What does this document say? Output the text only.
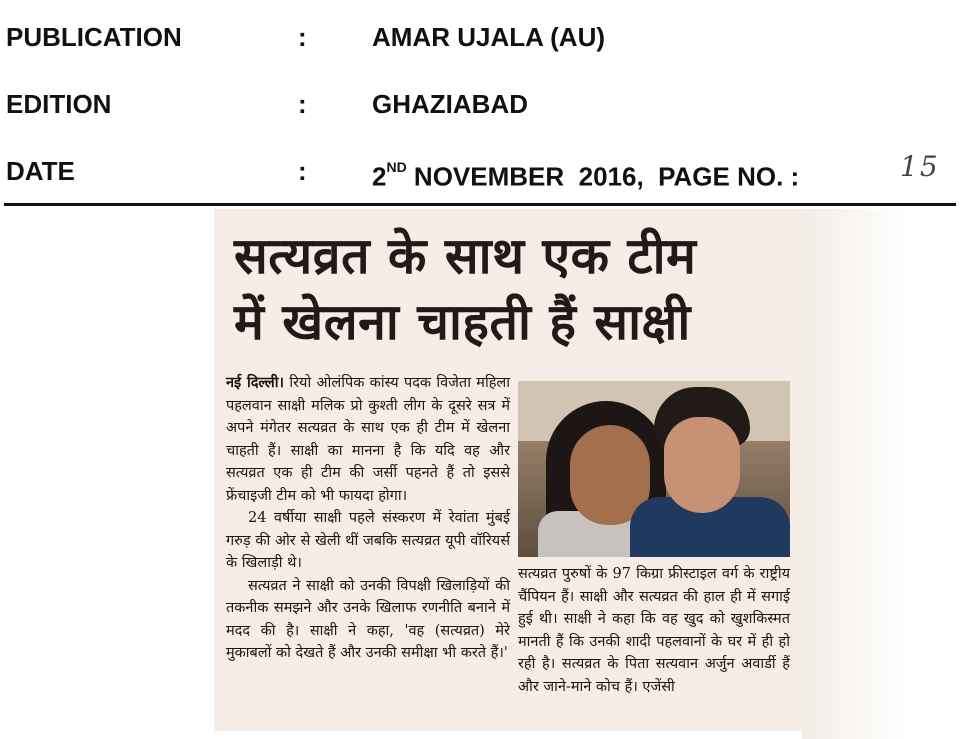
PUBLICATION	:	AMAR UJALA (AU)
EDITION	:	GHAZIABAD
DATE	:	2ND NOVEMBER  2016,  PAGE NO. :	15
सत्यव्रत के साथ एक टीम
में खेलना चाहती हैं साक्षी

नई दिल्ली। रियो ओलंपिक कांस्य पदक विजेता महिला पहलवान साक्षी मलिक प्रो कुश्ती लीग के दूसरे सत्र में अपने मंगेतर सत्यव्रत के साथ एक ही टीम में खेलना चाहती हैं। साक्षी का मानना है कि यदि वह और सत्यव्रत एक ही टीम की जर्सी पहनते हैं तो इससे फ्रेंचाइजी टीम को भी फायदा होगा।

24 वर्षीया साक्षी पहले संस्करण में रेवांता मुंबई गरुड़ की ओर से खेली थीं जबकि सत्यव्रत यूपी वॉरियर्स के खिलाड़ी थे।

सत्यव्रत ने साक्षी को उनकी विपक्षी खिलाड़ियों की तकनीक समझने और उनके खिलाफ रणनीति बनाने में मदद की है। साक्षी ने कहा, 'वह (सत्यव्रत) मेरे मुकाबलों को देखते हैं और उनकी समीक्षा भी करते हैं।'

सत्यव्रत पुरुषों के 97 किग्रा फ्रीस्टाइल वर्ग के राष्ट्रीय चैंपियन हैं। साक्षी और सत्यव्रत की हाल ही में सगाई हुई थी। साक्षी ने कहा कि वह खुद को खुशकिस्मत मानती हैं कि उनकी शादी पहलवानों के घर में ही हो रही है। सत्यव्रत के पिता सत्यवान अर्जुन अवार्डी हैं और जाने-माने कोच हैं। एजेंसी
